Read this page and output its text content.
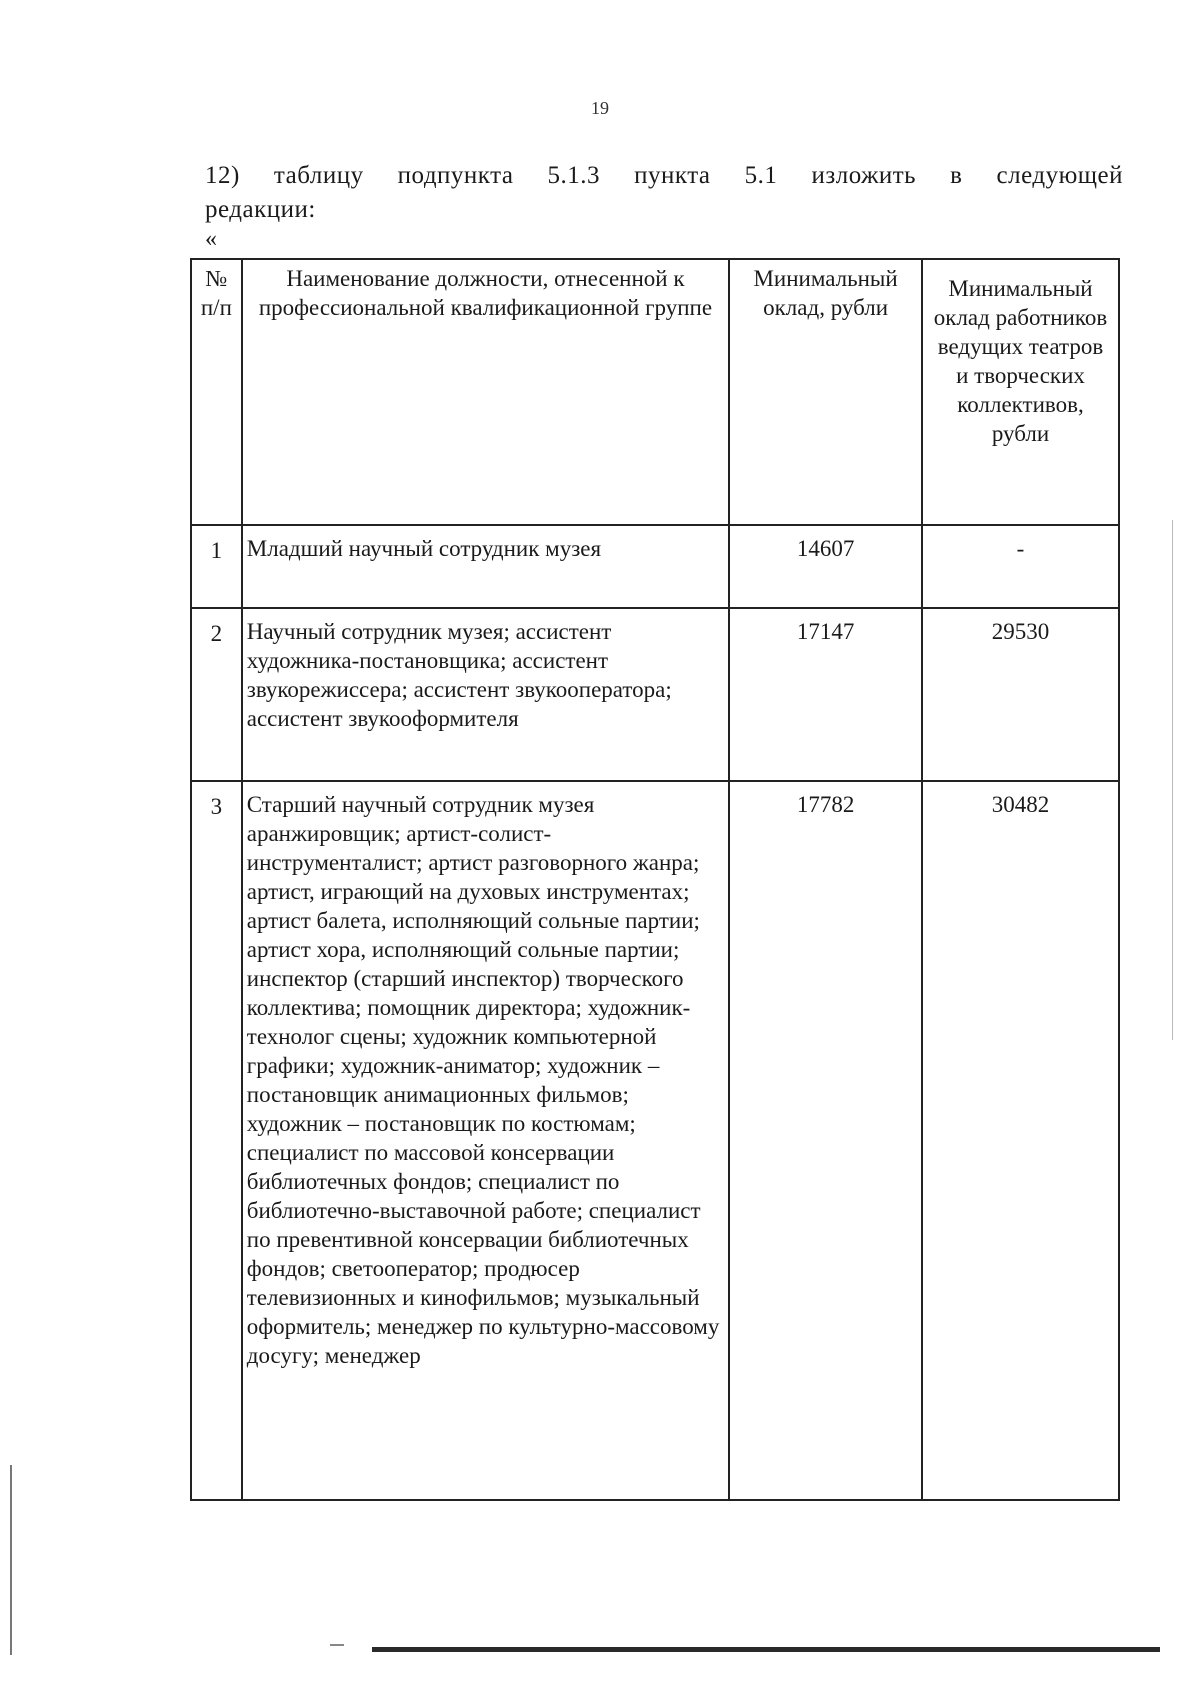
19
12) таблицу подпункта 5.1.3 пункта 5.1 изложить в следующей
редакции:
«
№ п/п	Наименование должности, отнесенной к профессиональной квалификационной группе	Минимальный оклад, рубли	Минимальный оклад работников ведущих театров и творческих коллективов, рубли
1	Младший научный сотрудник музея	14607	-
2	Научный сотрудник музея; ассистент художника-постановщика; ассистент звукорежиссера; ассистент звукооператора; ассистент звукооформителя	17147	29530
3	Старший научный сотрудник музея аранжировщик; артист-солист-инструменталист; артист разговорного жанра; артист, играющий на духовых инструментах; артист балета, исполняющий сольные партии; артист хора, исполняющий сольные партии; инспектор (старший инспектор) творческого коллектива; помощник директора; художник-технолог сцены; художник компьютерной графики; художник-аниматор; художник – постановщик анимационных фильмов; художник – постановщик по костюмам; специалист по массовой консервации библиотечных фондов; специалист по библиотечно-выставочной работе; специалист по превентивной консервации библиотечных фондов; светооператор; продюсер телевизионных и кинофильмов; музыкальный оформитель; менеджер по культурно-массовому досугу; менеджер	17782	30482
